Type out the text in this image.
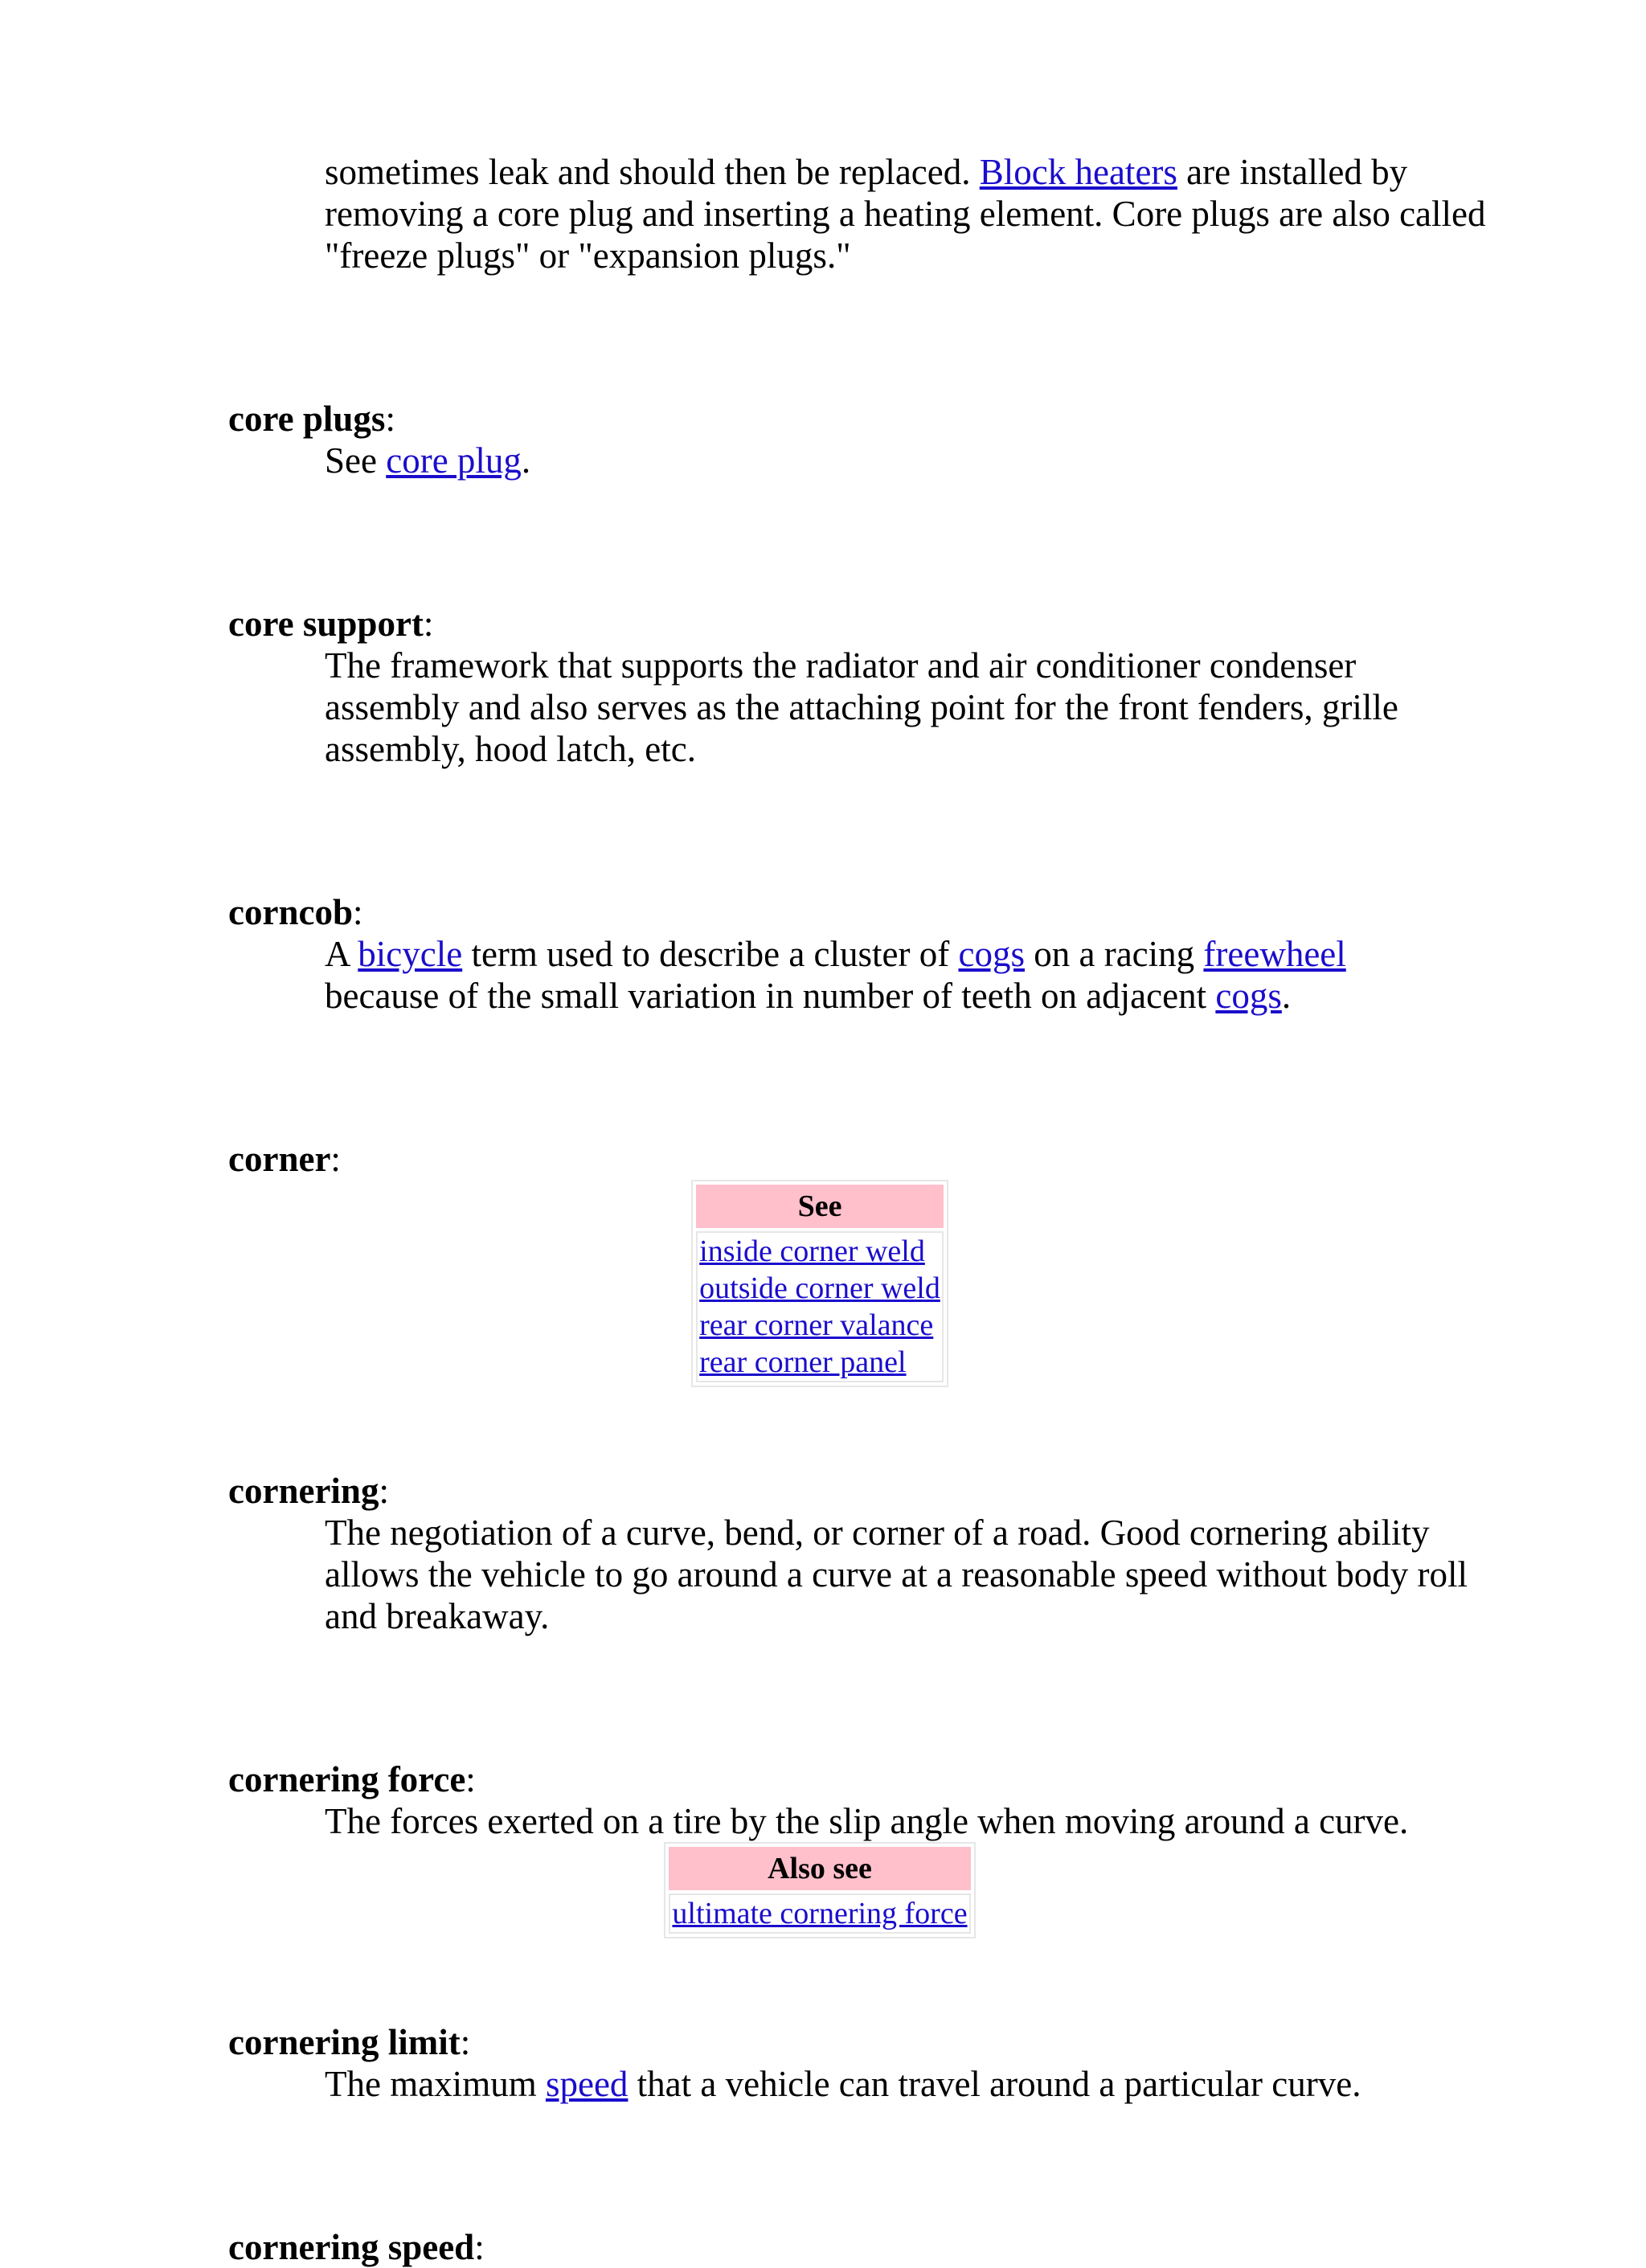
sometimes leak and should then be replaced. Block heaters are installed by removing a core plug and inserting a heating element. Core plugs are also called "freeze plugs" or "expansion plugs."

core plugs:

See core plug.

core support:

The framework that supports the radiator and air conditioner condenser assembly and also serves as the attaching point for the front fenders, grille assembly, hood latch, etc.

corncob:

A bicycle term used to describe a cluster of cogs on a racing freewheel
because of the small variation in number of teeth on adjacent cogs.

corner:

See

inside corner weld
outside corner weld
rear corner valance
rear corner panel

cornering:

The negotiation of a curve, bend, or corner of a road. Good cornering ability allows the vehicle to go around a curve at a reasonable speed without body roll and breakaway.

cornering force:

The forces exerted on a tire by the slip angle when moving around a curve.

Also see

ultimate cornering force

cornering limit:

The maximum speed that a vehicle can travel around a particular curve.

cornering speed:
